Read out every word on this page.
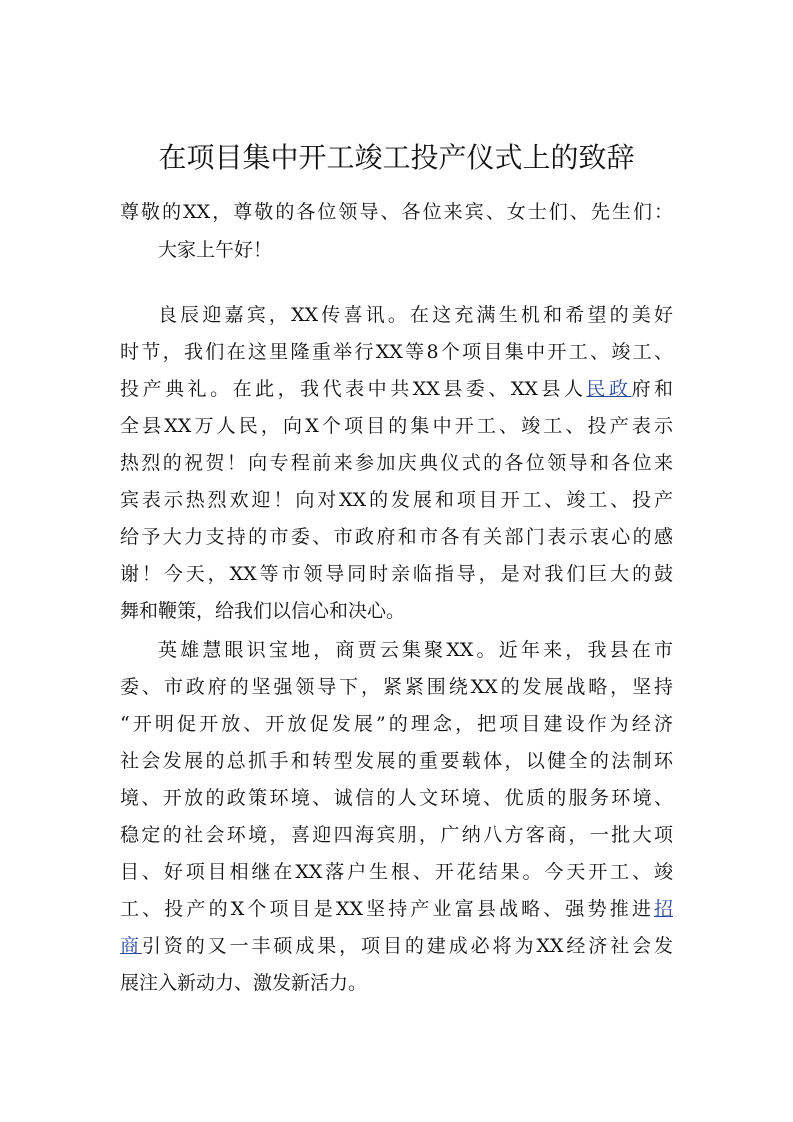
在项目集中开工竣工投产仪式上的致辞
尊敬的XX，尊敬的各位领导、各位来宾、女士们、先生们：
大家上午好！
良辰迎嘉宾，XX传喜讯。在这充满生机和希望的美好
时节，我们在这里隆重举行XX等8个项目集中开工、竣工、
投产典礼。在此，我代表中共XX县委、XX县人民政府和
全县XX万人民，向X个项目的集中开工、竣工、投产表示
热烈的祝贺！向专程前来参加庆典仪式的各位领导和各位来
宾表示热烈欢迎！向对XX的发展和项目开工、竣工、投产
给予大力支持的市委、市政府和市各有关部门表示衷心的感
谢！今天，XX等市领导同时亲临指导，是对我们巨大的鼓
舞和鞭策，给我们以信心和决心。
英雄慧眼识宝地，商贾云集聚XX。近年来，我县在市
委、市政府的坚强领导下，紧紧围绕XX的发展战略，坚持
“开明促开放、开放促发展”的理念，把项目建设作为经济
社会发展的总抓手和转型发展的重要载体，以健全的法制环
境、开放的政策环境、诚信的人文环境、优质的服务环境、
稳定的社会环境，喜迎四海宾朋，广纳八方客商，一批大项
目、好项目相继在XX落户生根、开花结果。今天开工、竣
工、投产的X个项目是XX坚持产业富县战略、强势推进招
商引资的又一丰硕成果，项目的建成必将为XX经济社会发
展注入新动力、激发新活力。
